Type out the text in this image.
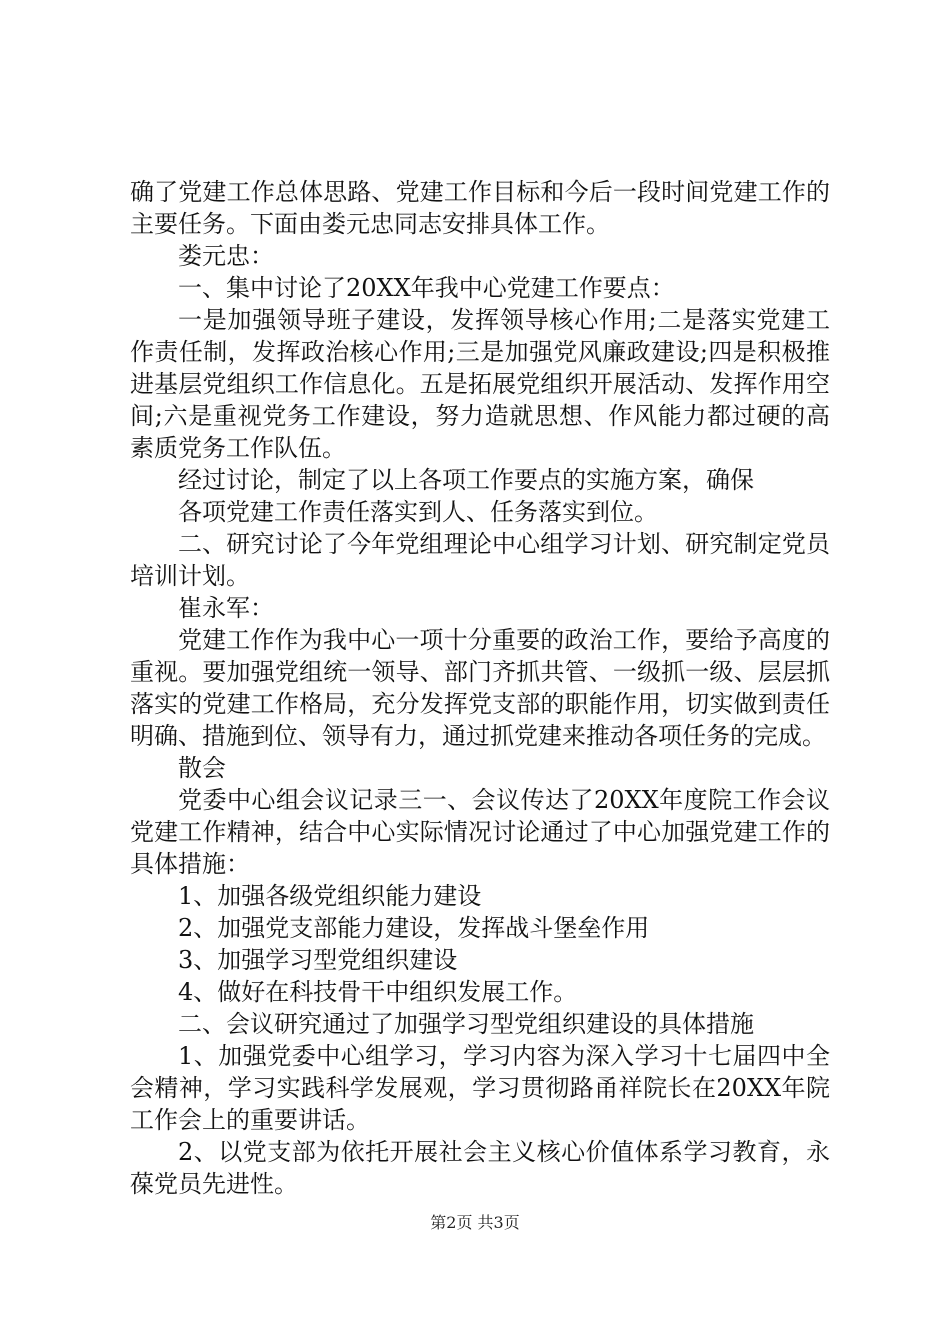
确了党建工作总体思路、党建工作目标和今后一段时间党建工作的主要任务。下面由娄元忠同志安排具体工作。

娄元忠：

一、集中讨论了20XX年我中心党建工作要点：

一是加强领导班子建设，发挥领导核心作用;二是落实党建工作责任制，发挥政治核心作用;三是加强党风廉政建设;四是积极推进基层党组织工作信息化。五是拓展党组织开展活动、发挥作用空间;六是重视党务工作建设，努力造就思想、作风能力都过硬的高素质党务工作队伍。

经过讨论，制定了以上各项工作要点的实施方案，确保

各项党建工作责任落实到人、任务落实到位。

二、研究讨论了今年党组理论中心组学习计划、研究制定党员培训计划。

崔永军：

党建工作作为我中心一项十分重要的政治工作，要给予高度的重视。要加强党组统一领导、部门齐抓共管、一级抓一级、层层抓落实的党建工作格局，充分发挥党支部的职能作用，切实做到责任明确、措施到位、领导有力，通过抓党建来推动各项任务的完成。

散会

党委中心组会议记录三一、会议传达了20XX年度院工作会议党建工作精神，结合中心实际情况讨论通过了中心加强党建工作的具体措施：

1、加强各级党组织能力建设

2、加强党支部能力建设，发挥战斗堡垒作用

3、加强学习型党组织建设

4、做好在科技骨干中组织发展工作。

二、会议研究通过了加强学习型党组织建设的具体措施

1、加强党委中心组学习，学习内容为深入学习十七届四中全会精神，学习实践科学发展观，学习贯彻路甬祥院长在20XX年院工作会上的重要讲话。

2、以党支部为依托开展社会主义核心价值体系学习教育，永葆党员先进性。

第2页 共3页
